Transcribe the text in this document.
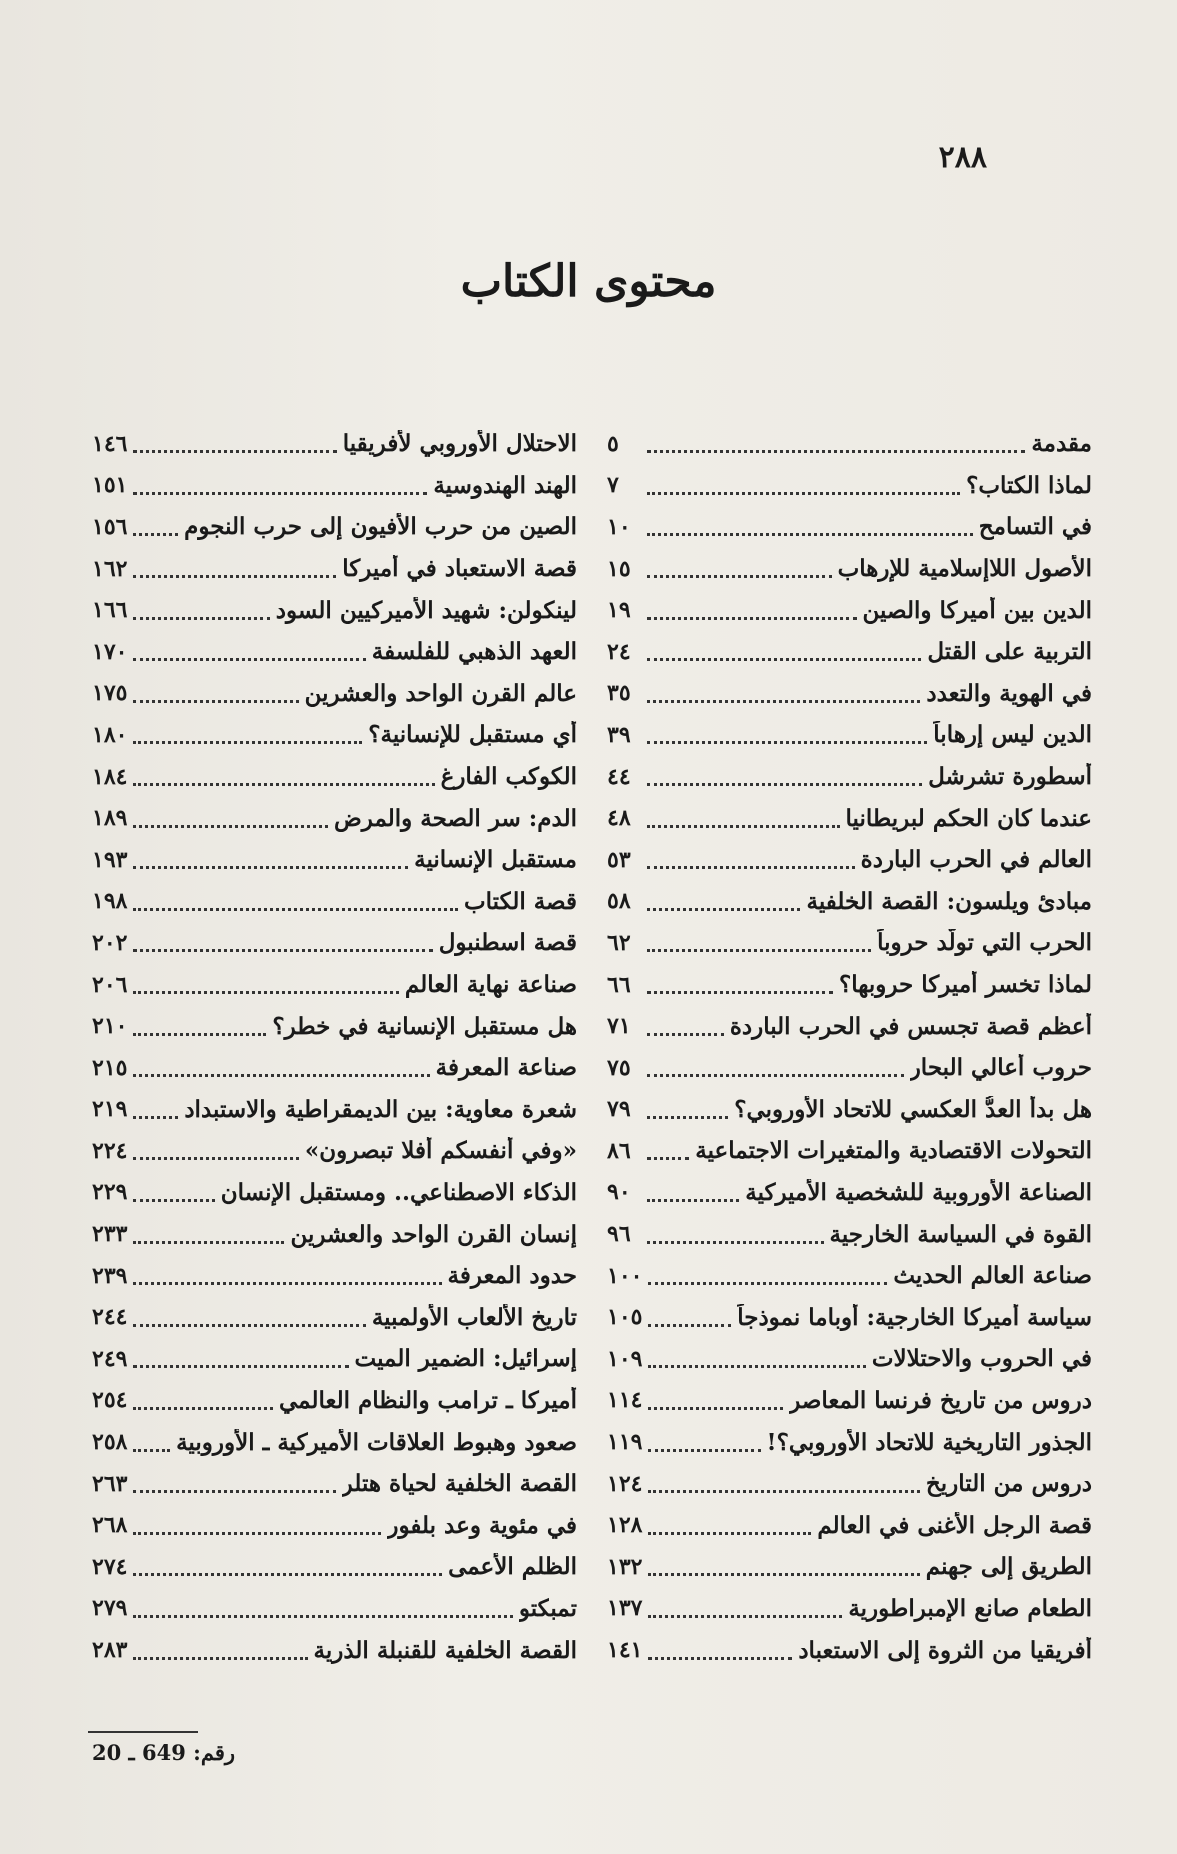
٢٨٨
محتوى الكتاب
مقدمة
٥
لماذا الكتاب؟
٧
في التسامح
١٠
الأصول اللاإسلامية للإرهاب
١٥
الدين بين أميركا والصين
١٩
التربية على القتل
٢٤
في الهوية والتعدد
٣٥
الدين ليس إرهاباً
٣٩
أسطورة تشرشل
٤٤
عندما كان الحكم لبريطانيا
٤٨
العالم في الحرب الباردة
٥٣
مبادئ ويلسون: القصة الخلفية
٥٨
الحرب التي تولّد حروباً
٦٢
لماذا تخسر أميركا حروبها؟
٦٦
أعظم قصة تجسس في الحرب الباردة
٧١
حروب أعالي البحار
٧٥
هل بدأ العدُّ العكسي للاتحاد الأوروبي؟
٧٩
التحولات الاقتصادية والمتغيرات الاجتماعية
٨٦
الصناعة الأوروبية للشخصية الأميركية
٩٠
القوة في السياسة الخارجية
٩٦
صناعة العالم الحديث
١٠٠
سياسة أميركا الخارجية: أوباما نموذجاً
١٠٥
في الحروب والاحتلالات
١٠٩
دروس من تاريخ فرنسا المعاصر
١١٤
الجذور التاريخية للاتحاد الأوروبي؟!
١١٩
دروس من التاريخ
١٢٤
قصة الرجل الأغنى في العالم
١٢٨
الطريق إلى جهنم
١٣٢
الطعام صانع الإمبراطورية
١٣٧
أفريقيا من الثروة إلى الاستعباد
١٤١
الاحتلال الأوروبي لأفريقيا
١٤٦
الهند الهندوسية
١٥١
الصين من حرب الأفيون إلى حرب النجوم
١٥٦
قصة الاستعباد في أميركا
١٦٢
لينكولن: شهيد الأميركيين السود
١٦٦
العهد الذهبي للفلسفة
١٧٠
عالم القرن الواحد والعشرين
١٧٥
أي مستقبل للإنسانية؟
١٨٠
الكوكب الفارغ
١٨٤
الدم: سر الصحة والمرض
١٨٩
مستقبل الإنسانية
١٩٣
قصة الكتاب
١٩٨
قصة اسطنبول
٢٠٢
صناعة نهاية العالم
٢٠٦
هل مستقبل الإنسانية في خطر؟
٢١٠
صناعة المعرفة
٢١٥
شعرة معاوية: بين الديمقراطية والاستبداد
٢١٩
«وفي أنفسكم أفلا تبصرون»
٢٢٤
الذكاء الاصطناعي.. ومستقبل الإنسان
٢٢٩
إنسان القرن الواحد والعشرين
٢٣٣
حدود المعرفة
٢٣٩
تاريخ الألعاب الأولمبية
٢٤٤
إسرائيل: الضمير الميت
٢٤٩
أميركا ـ ترامب والنظام العالمي
٢٥٤
صعود وهبوط العلاقات الأميركية ـ الأوروبية
٢٥٨
القصة الخلفية لحياة هتلر
٢٦٣
في مئوية وعد بلفور
٢٦٨
الظلم الأعمى
٢٧٤
تمبكتو
٢٧٩
القصة الخلفية للقنبلة الذرية
٢٨٣
رقم: 649 ـ 20
